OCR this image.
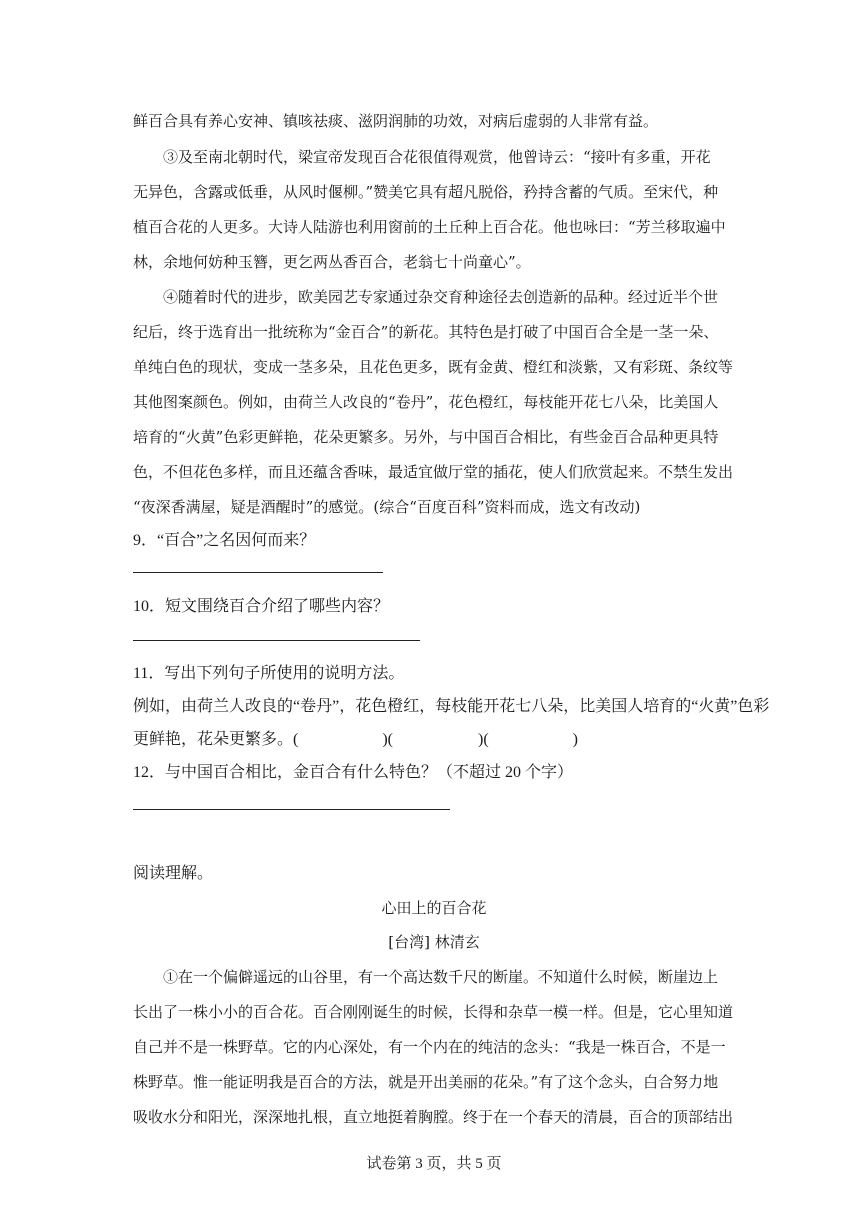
鲜百合具有养心安神、镇咳祛痰、滋阴润肺的功效，对病后虚弱的人非常有益。
③及至南北朝时代，梁宣帝发现百合花很值得观赏，他曾诗云：“接叶有多重，开花
无异色，含露或低垂，从风时偃柳。”赞美它具有超凡脱俗，矜持含蓄的气质。至宋代，种
植百合花的人更多。大诗人陆游也利用窗前的土丘种上百合花。他也咏曰：“芳兰移取遍中
林，余地何妨种玉簪，更乞两丛香百合，老翁七十尚童心”。
④随着时代的进步，欧美园艺专家通过杂交育种途径去创造新的品种。经过近半个世
纪后，终于选育出一批统称为“金百合”的新花。其特色是打破了中国百合全是一茎一朵、
单纯白色的现状，变成一茎多朵，且花色更多，既有金黄、橙红和淡紫，又有彩斑、条纹等
其他图案颜色。例如，由荷兰人改良的“卷丹”，花色橙红，每枝能开花七八朵，比美国人
培育的“火黄”色彩更鲜艳，花朵更繁多。另外，与中国百合相比，有些金百合品种更具特
色，不但花色多样，而且还蕴含香味，最适宜做厅堂的插花，使人们欣赏起来。不禁生发出
“夜深香满屋，疑是酒醒时”的感觉。(综合“百度百科”资料而成，选文有改动)
9．“百合”之名因何而来？
10．短文围绕百合介绍了哪些内容？
11．写出下列句子所使用的说明方法。
例如，由荷兰人改良的“卷丹”，花色橙红，每枝能开花七八朵，比美国人培育的“火黄”色彩
更鲜艳，花朵更繁多。(	)(	)(	)
12．与中国百合相比，金百合有什么特色？（不超过 20 个字）
阅读理解。
心田上的百合花
[台湾] 林清玄
①在一个偏僻遥远的山谷里，有一个高达数千尺的断崖。不知道什么时候，断崖边上
长出了一株小小的百合花。百合刚刚诞生的时候，长得和杂草一模一样。但是，它心里知道
自己并不是一株野草。它的内心深处，有一个内在的纯洁的念头：“我是一株百合，不是一
株野草。惟一能证明我是百合的方法，就是开出美丽的花朵。”有了这个念头，白合努力地
吸收水分和阳光，深深地扎根，直立地挺着胸膛。终于在一个春天的清晨，百合的顶部结出
试卷第 3 页，共 5 页
